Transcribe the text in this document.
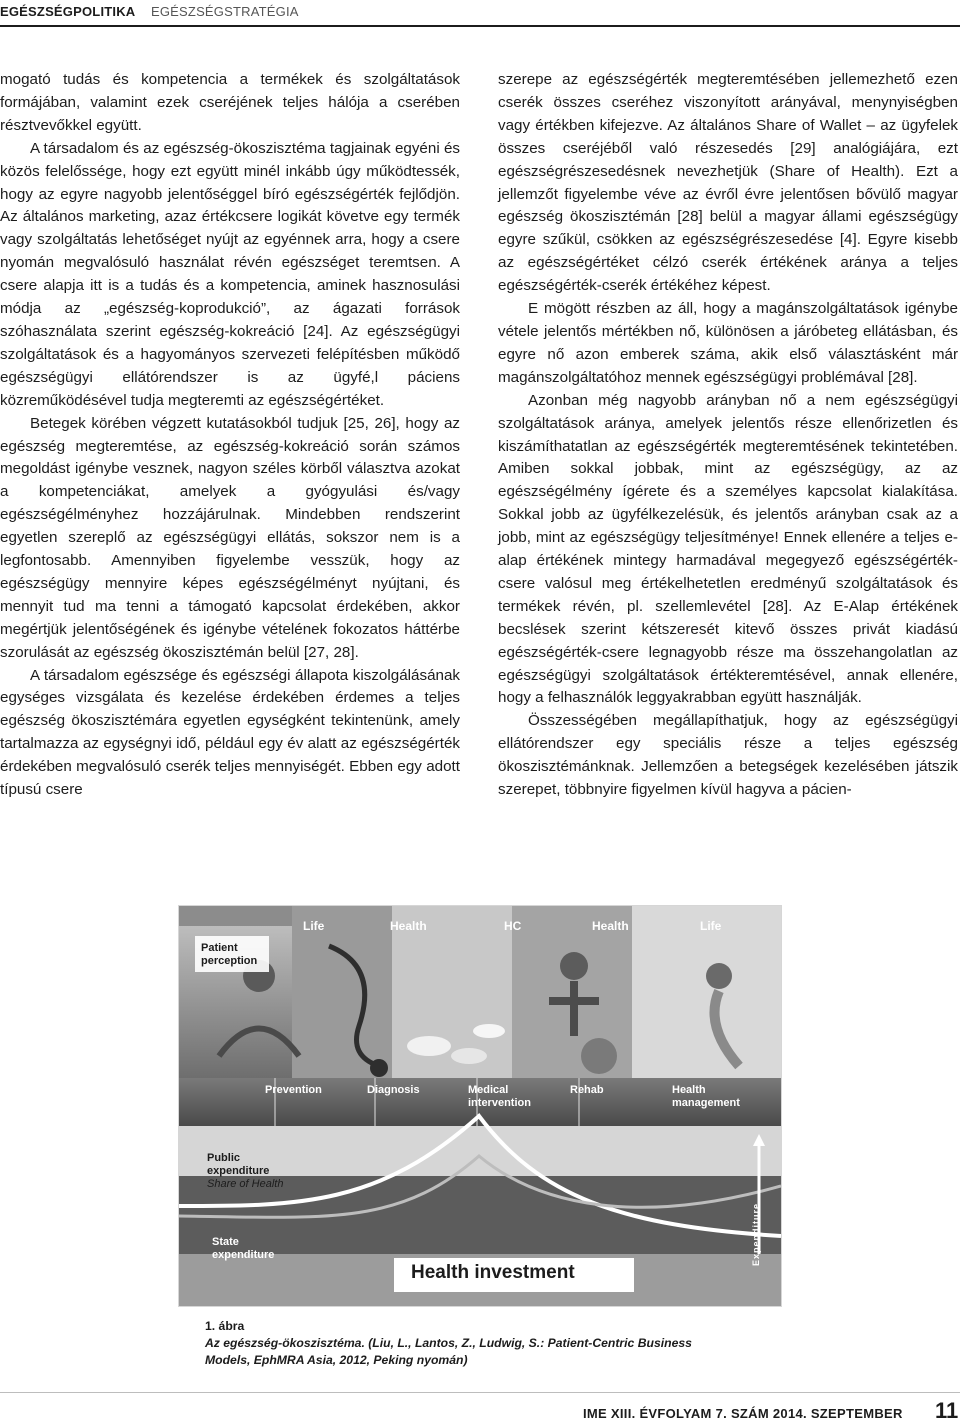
EGÉSZSÉGPOLITIKA EGÉSZSÉGSTRATÉGIA

mogató tudás és kompetencia a termékek és szolgáltatások formájában, valamint ezek cseréjének teljes hálója a cserében résztvevőkkel együtt.

A társadalom és az egészség-ökoszisztéma tagjainak egyéni és közös felelőssége, hogy ezt együtt minél inkább úgy működtessék, hogy az egyre nagyobb jelentőséggel bíró egészségérték fejlődjön. Az általános marketing, azaz értékcsere logikát követve egy termék vagy szolgáltatás lehetőséget nyújt az egyénnek arra, hogy a csere nyomán megvalósuló használat révén egészséget teremtsen. A csere alapja itt is a tudás és a kompetencia, aminek hasznosulási módja az „egészség-koprodukció”, az ágazati források szóhasználata szerint egészség-kokreáció [24]. Az egészségügyi szolgáltatások és a hagyományos szervezeti felépítésben működő egészségügyi ellátórendszer is az ügyfé,l páciens közreműködésével tudja megteremti az egészségértéket.

Betegek körében végzett kutatásokból tudjuk [25, 26], hogy az egészség megteremtése, az egészség-kokreáció során számos megoldást igénybe vesznek, nagyon széles körből választva azokat a kompetenciákat, amelyek a gyógyulási és/vagy egészségélményhez hozzájárulnak. Mindebben rendszerint egyetlen szereplő az egészségügyi ellátás, sokszor nem is a legfontosabb. Amennyiben figyelembe vesszük, hogy az egészségügy mennyire képes egészségélményt nyújtani, és mennyit tud ma tenni a támogató kapcsolat érdekében, akkor megértjük jelentőségének és igénybe vételének fokozatos háttérbe szorulását az egészség ökoszisztémán belül [27, 28].

A társadalom egészsége és egészségi állapota kiszolgálásának egységes vizsgálata és kezelése érdekében érdemes a teljes egészség ökoszisztémára egyetlen egységként tekintenünk, amely tartalmazza az egységnyi idő, például egy év alatt az egészségérték érdekében megvalósuló cserék teljes mennyiségét. Ebben egy adott típusú csere

szerepe az egészségérték megteremtésében jellemezhető ezen cserék összes cseréhez viszonyított arányával, menynyiségben vagy értékben kifejezve. Az általános Share of Wallet – az ügyfelek összes cseréjéből való részesedés [29] analógiájára, ezt egészségrészesedésnek nevezhetjük (Share of Health). Ezt a jellemzőt figyelembe véve az évről évre jelentősen bővülő magyar egészség ökoszisztémán [28] belül a magyar állami egészségügy egyre szűkül, csökken az egészségrészesedése [4]. Egyre kisebb az egészségértéket célzó cserék értékének aránya a teljes egészségérték-cserék értékéhez képest.

E mögött részben az áll, hogy a magánszolgáltatások igénybe vétele jelentős mértékben nő, különösen a járóbeteg ellátásban, és egyre nő azon emberek száma, akik első választásként már magánszolgáltatóhoz mennek egészségügyi problémával [28].

Azonban még nagyobb arányban nő a nem egészségügyi szolgáltatások aránya, amelyek jelentős része ellenőrizetlen és kiszámíthatatlan az egészségérték megteremtésének tekintetében. Amiben sokkal jobbak, mint az egészségügy, az az egészségélmény ígérete és a személyes kapcsolat kialakítása. Sokkal jobb az ügyfélkezelésük, és jelentős arányban csak az a jobb, mint az egészségügy teljesítménye! Ennek ellenére a teljes e-alap értékének mintegy harmadával megegyező egészségérték-csere valósul meg értékelhetetlen eredményű szolgáltatások és termékek révén, pl. szellemlevétel [28]. Az E-Alap értékének becslések szerint kétszeresét kitevő összes privát kiadású egészségérték-csere legnagyobb része ma összehangolatlan az egészségügyi szolgáltatások értékteremtésével, annak ellenére, hogy a felhasználók leggyakrabban együtt használják.

Összességében megállapíthatjuk, hogy az egészségügyi ellátórendszer egy speciális része a teljes egészség ökoszisztémánknak. Jellemzően a betegségek kezelésében játszik szerepet, többnyire figyelmen kívül hagyva a pácien-

Life	Health	HC	Health	Life
Patient perception
Prevention	Diagnosis	Medical intervention
Rehab	Health management
Public expenditure
Share of Health
State expenditure
Health investment
Expenditure
1. ábra
Az egészség-ökoszisztéma. (Liu, L., Lantos, Z., Ludwig, S.: Patient-Centric Business
Models, EphMRA Asia, 2012, Peking nyomán)
IME XIII. ÉVFOLYAM 7. SZÁM 2014. SZEPTEMBER 11
